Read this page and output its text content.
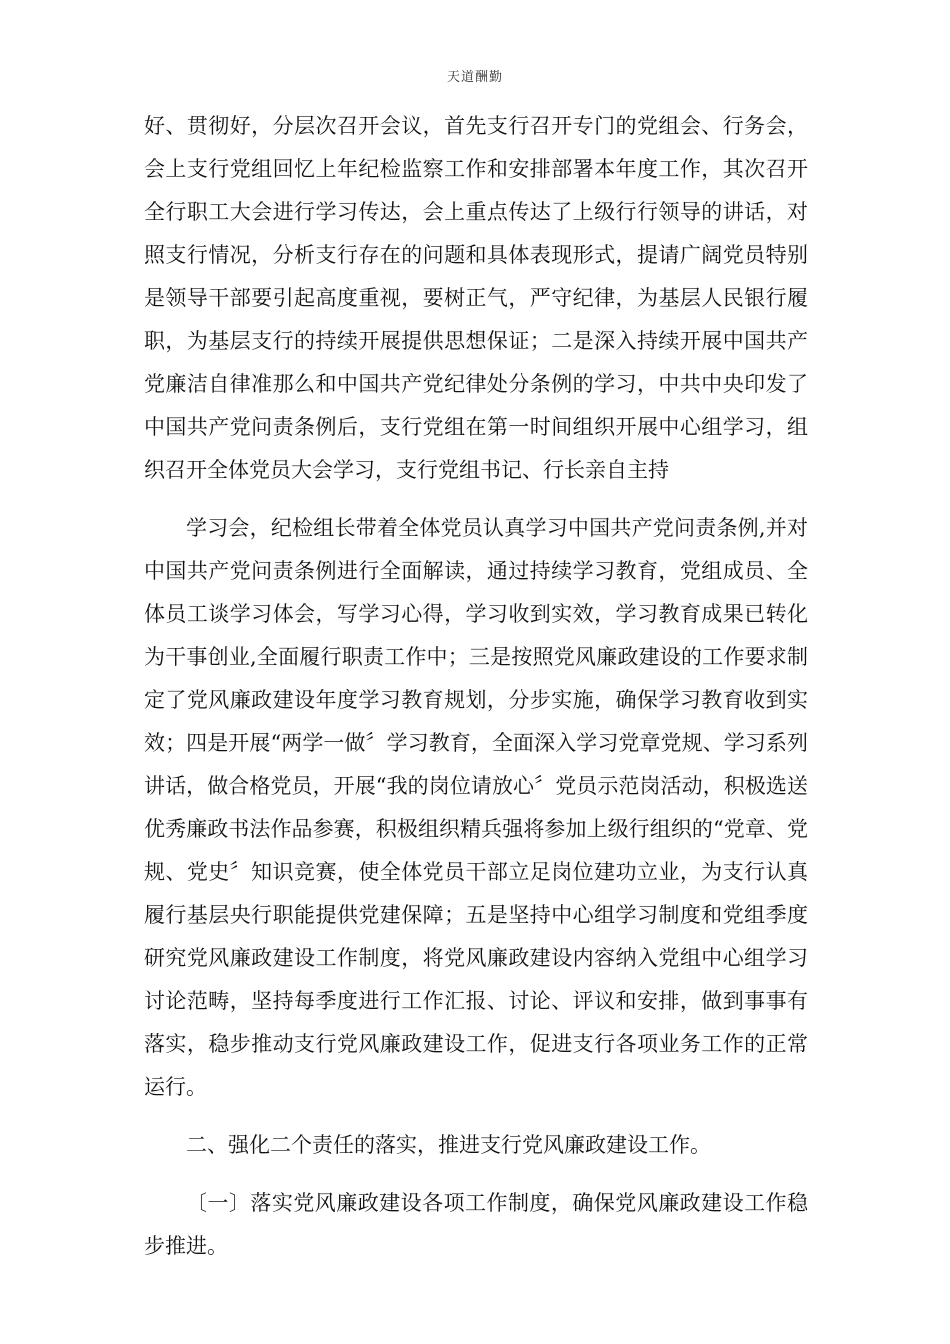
天道酬勤

好、贯彻好，分层次召开会议，首先支行召开专门的党组会、行务会，会上支行党组回忆上年纪检监察工作和安排部署本年度工作，其次召开全行职工大会进行学习传达，会上重点传达了上级行行领导的讲话，对照支行情况，分析支行存在的问题和具体表现形式，提请广阔党员特别是领导干部要引起高度重视，要树正气，严守纪律，为基层人民银行履职，为基层支行的持续开展提供思想保证；二是深入持续开展中国共产党廉洁自律准那么和中国共产党纪律处分条例的学习，中共中央印发了中国共产党问责条例后，支行党组在第一时间组织开展中心组学习，组织召开全体党员大会学习，支行党组书记、行长亲自主持

学习会，纪检组长带着全体党员认真学习中国共产党问责条例,并对中国共产党问责条例进行全面解读，通过持续学习教育，党组成员、全体员工谈学习体会，写学习心得，学习收到实效，学习教育成果已转化为干事创业,全面履行职责工作中；三是按照党风廉政建设的工作要求制定了党风廉政建设年度学习教育规划，分步实施，确保学习教育收到实效；四是开展“两学一做〞学习教育，全面深入学习党章党规、学习系列讲话，做合格党员，开展“我的岗位请放心〞党员示范岗活动，积极选送优秀廉政书法作品参赛，积极组织精兵强将参加上级行组织的“党章、党规、党史〞知识竞赛，使全体党员干部立足岗位建功立业，为支行认真履行基层央行职能提供党建保障；五是坚持中心组学习制度和党组季度研究党风廉政建设工作制度，将党风廉政建设内容纳入党组中心组学习讨论范畴，坚持每季度进行工作汇报、讨论、评议和安排，做到事事有落实，稳步推动支行党风廉政建设工作，促进支行各项业务工作的正常运行。

二、强化二个责任的落实，推进支行党风廉政建设工作。

〔一〕落实党风廉政建设各项工作制度，确保党风廉政建设工作稳步推进。
